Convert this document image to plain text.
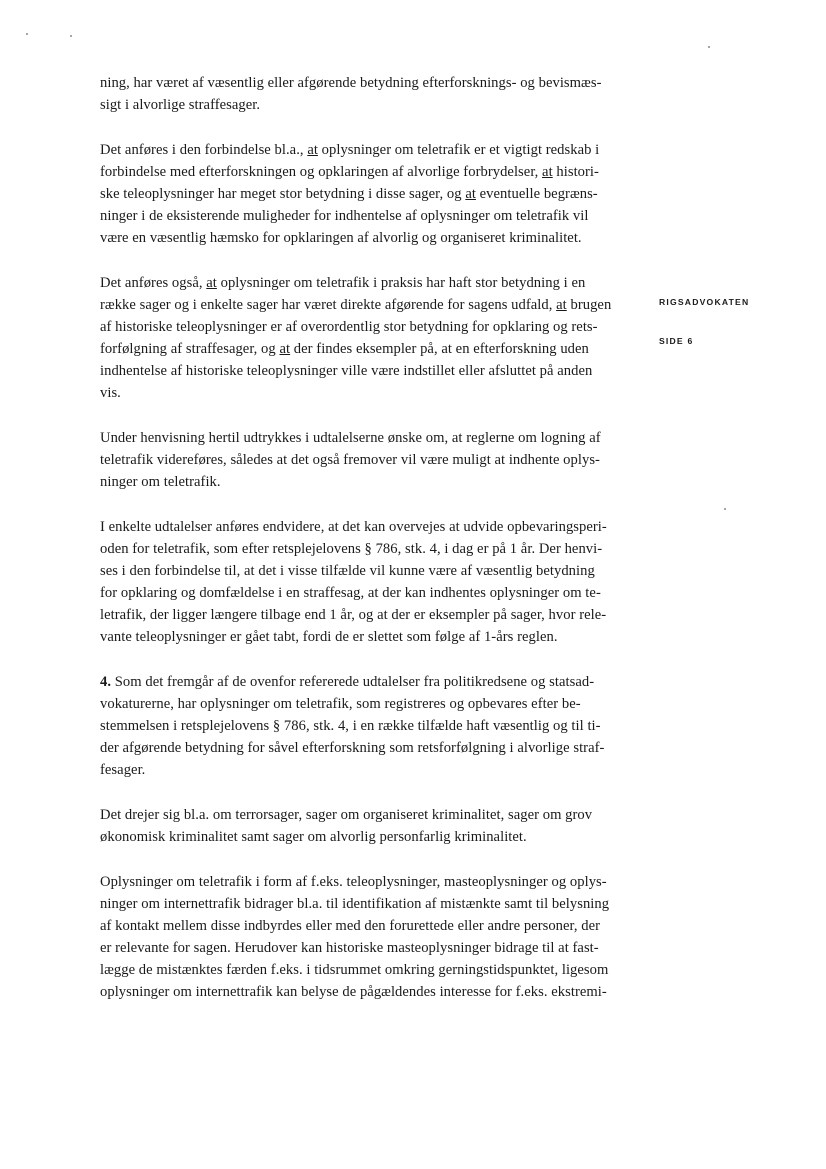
RIGSADVOKATEN
SIDE 6

ning, har været af væsentlig eller afgørende betydning efterforsknings- og bevismæs-
sigt i alvorlige straffesager.

Det anføres i den forbindelse bl.a., at oplysninger om teletrafik er et vigtigt redskab i
forbindelse med efterforskningen og opklaringen af alvorlige forbrydelser, at histori-
ske teleoplysninger har meget stor betydning i disse sager, og at eventuelle begræns-
ninger i de eksisterende muligheder for indhentelse af oplysninger om teletrafik vil
være en væsentlig hæmsko for opklaringen af alvorlig og organiseret kriminalitet.

Det anføres også, at oplysninger om teletrafik i praksis har haft stor betydning i en
række sager og i enkelte sager har været direkte afgørende for sagens udfald, at brugen
af historiske teleoplysninger er af overordentlig stor betydning for opklaring og rets-
forfølgning af straffesager, og at der findes eksempler på, at en efterforskning uden
indhentelse af historiske teleoplysninger ville være indstillet eller afsluttet på anden
vis.

Under henvisning hertil udtrykkes i udtalelserne ønske om, at reglerne om logning af
teletrafik videreføres, således at det også fremover vil være muligt at indhente oplys-
ninger om teletrafik.

I enkelte udtalelser anføres endvidere, at det kan overvejes at udvide opbevaringsperi-
oden for teletrafik, som efter retsplejelovens § 786, stk. 4, i dag er på 1 år. Der henvi-
ses i den forbindelse til, at det i visse tilfælde vil kunne være af væsentlig betydning
for opklaring og domfældelse i en straffesag, at der kan indhentes oplysninger om te-
letrafik, der ligger længere tilbage end 1 år, og at der er eksempler på sager, hvor rele-
vante teleoplysninger er gået tabt, fordi de er slettet som følge af 1-års reglen.

4. Som det fremgår af de ovenfor refererede udtalelser fra politikredsene og statsad-
vokaturerne, har oplysninger om teletrafik, som registreres og opbevares efter be-
stemmelsen i retsplejelovens § 786, stk. 4, i en række tilfælde haft væsentlig og til ti-
der afgørende betydning for såvel efterforskning som retsforfølgning i alvorlige straf-
fesager.

Det drejer sig bl.a. om terrorsager, sager om organiseret kriminalitet, sager om grov
økonomisk kriminalitet samt sager om alvorlig personfarlig kriminalitet.

Oplysninger om teletrafik i form af f.eks. teleoplysninger, masteoplysninger og oplys-
ninger om internettrafik bidrager bl.a. til identifikation af mistænkte samt til belysning
af kontakt mellem disse indbyrdes eller med den forurettede eller andre personer, der
er relevante for sagen. Herudover kan historiske masteoplysninger bidrage til at fast-
lægge de mistænktes færden f.eks. i tidsrummet omkring gerningstidspunktet, ligesom
oplysninger om internettrafik kan belyse de pågældendes interesse for f.eks. ekstremi-
